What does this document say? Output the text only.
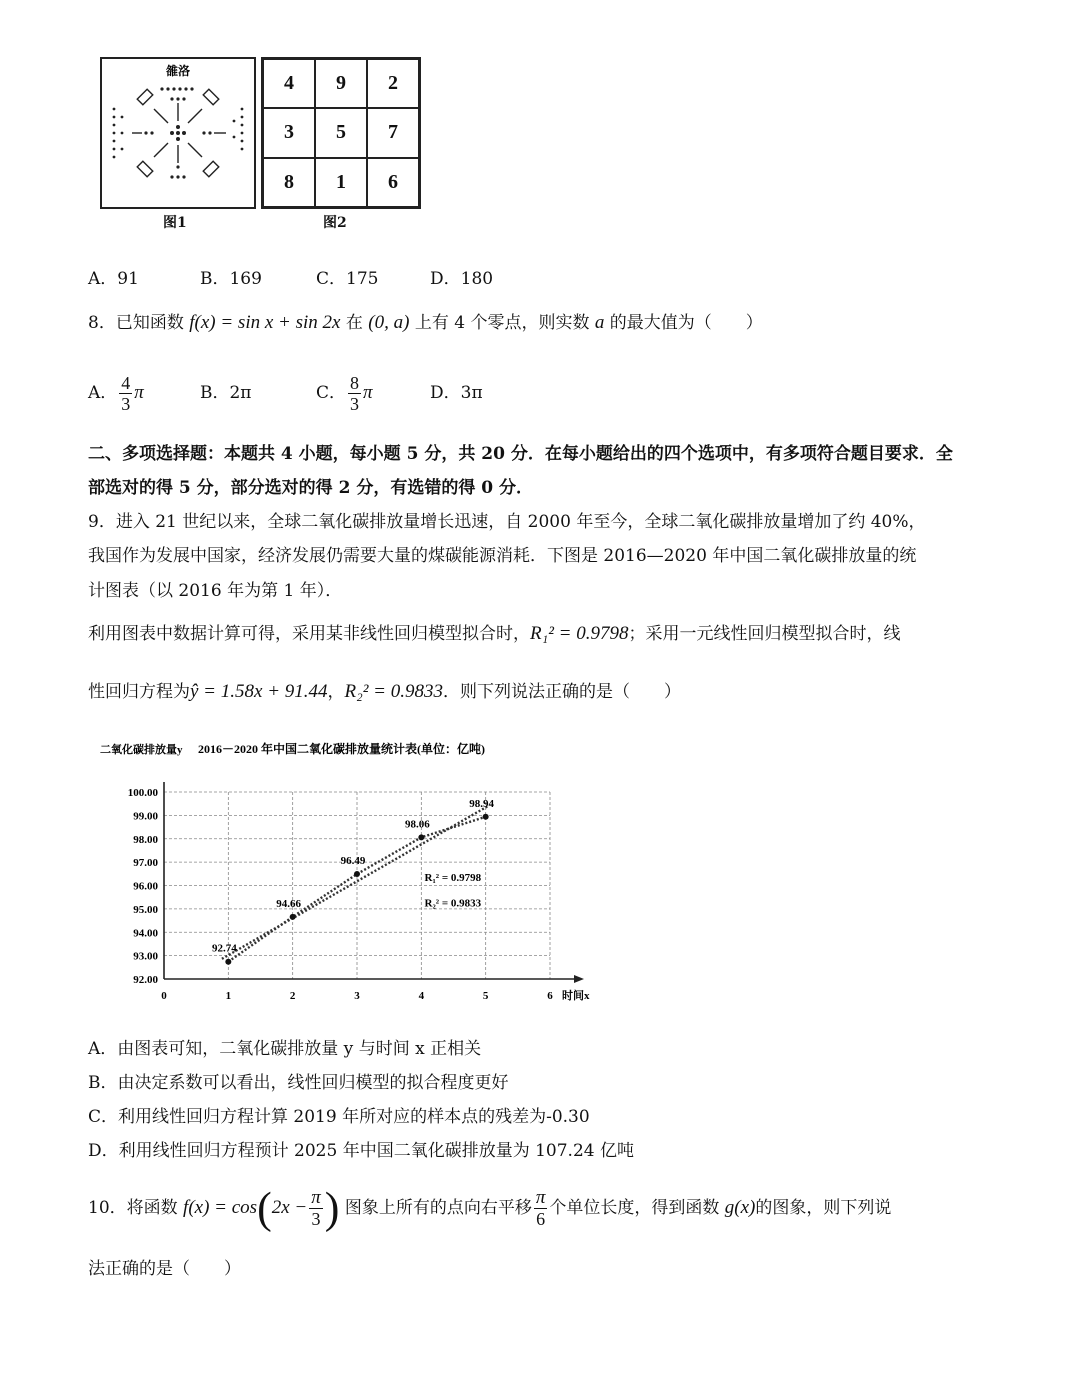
雒洛
4	9	2
3	5	7
8	1	6
图1	图2
A．91	B．169	C．175	D．180
8．已知函数 f(x) = sin x + sin 2x 在 (0, a) 上有 4 个零点，则实数 a 的最大值为（　　）
A． $\frac{4}{3}$ π	B．2π	C． $\frac{8}{3}$ π	D．3π
二、多项选择题：本题共 4 小题，每小题 5 分，共 20 分．在每小题给出的四个选项中，有多项符合题目要求．全
部选对的得 5 分，部分选对的得 2 分，有选错的得 0 分．
9．进入 21 世纪以来，全球二氧化碳排放量增长迅速，自 2000 年至今，全球二氧化碳排放量增加了约 40%，
我国作为发展中国家，经济发展仍需要大量的煤碳能源消耗．下图是 2016—2020 年中国二氧化碳排放量的统
计图表（以 2016 年为第 1 年）．
利用图表中数据计算可得，采用某非线性回归模型拟合时，R₁² = 0.9798；采用一元线性回归模型拟合时，线
性回归方程为ŷ = 1.58x + 91.44，R₂² = 0.9833．则下列说法正确的是（　　）
2016－2020 年中国二氧化碳排放量统计表(单位：亿吨)
二氧化碳排放量y
时间x
92.00
93.00
94.00
95.00
96.00
97.00
98.00
99.00
100.00
0	1	2	3	4	5	6
92.74
94.66
96.49
98.06
98.94
R₁² = 0.9798
R₂² = 0.9833
A．由图表可知，二氧化碳排放量 y 与时间 x 正相关
B．由决定系数可以看出，线性回归模型的拟合程度更好
C．利用线性回归方程计算 2019 年所对应的样本点的残差为-0.30
D．利用线性回归方程预计 2025 年中国二氧化碳排放量为 107.24 亿吨
10．将函数 $f(x) = \cos(2x - \frac{\pi}{3}$ ) 图象上所有的点向右平移 $\frac{\pi}{6}$ 个单位长度，得到函数 g(x)的图象，则下列说
法正确的是（　　）
